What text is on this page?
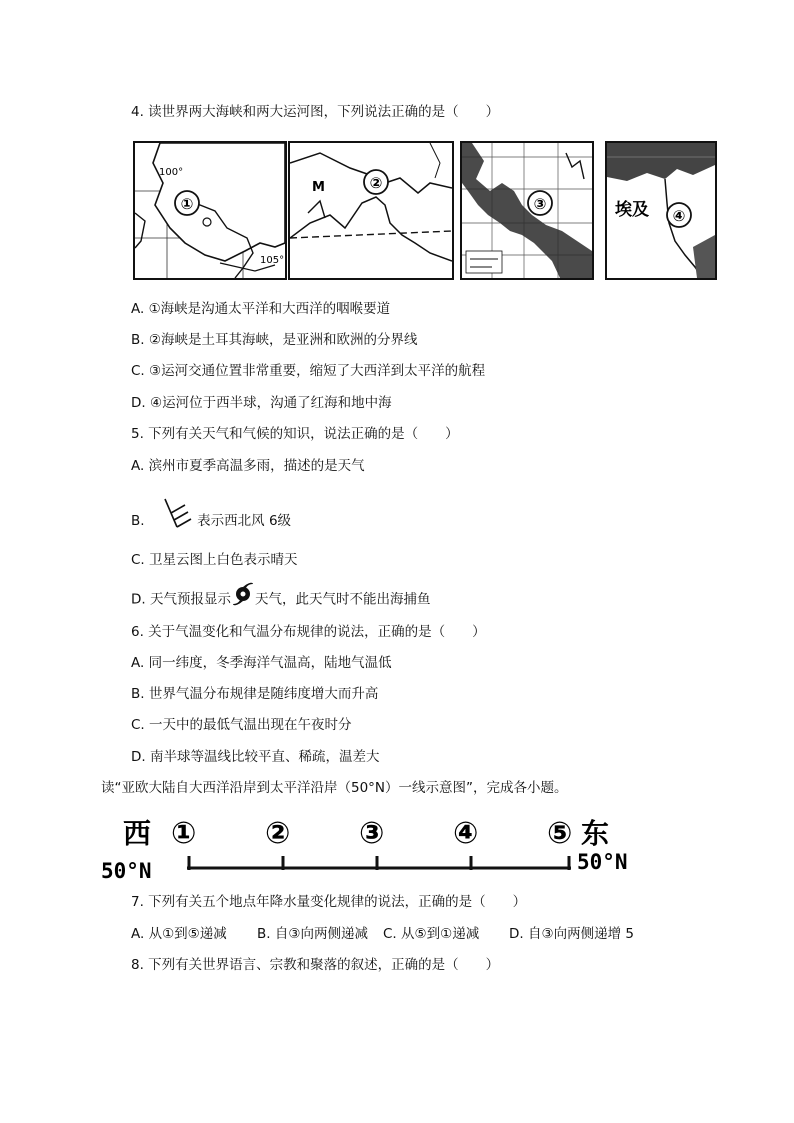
4. 读世界两大海峡和两大运河图，下列说法正确的是（　　）
①
100°
105°
②
M
③	埃及 ④
A. ①海峡是沟通太平洋和大西洋的咽喉要道
B. ②海峡是土耳其海峡，是亚洲和欧洲的分界线
C. ③运河交通位置非常重要，缩短了大西洋到太平洋的航程
D. ④运河位于西半球，沟通了红海和地中海
5. 下列有关天气和气候的知识，说法正确的是（　　）
A. 滨州市夏季高温多雨，描述的是天气
B.	表示西北风 6级
C. 卫星云图上白色表示晴天
D. 天气预报显示 天气，此天气时不能出海捕鱼
6. 关于气温变化和气温分布规律的说法，正确的是（　　）
A. 同一纬度，冬季海洋气温高，陆地气温低
B. 世界气温分布规律是随纬度增大而升高
C. 一天中的最低气温出现在午夜时分
D. 南半球等温线比较平直、稀疏，温差大
读“亚欧大陆自大西洋沿岸到太平洋沿岸（50°N）一线示意图”，完成各小题。
西 ① ② ③ ④ ⑤ 东
50°N	50°N
7. 下列有关五个地点年降水量变化规律的说法，正确的是（　　）
A. 从①到⑤递减 B. 自③向两侧递减 C. 从⑤到①递减 D. 自③向两侧递增 5
8. 下列有关世界语言、宗教和聚落的叙述，正确的是（　　）
